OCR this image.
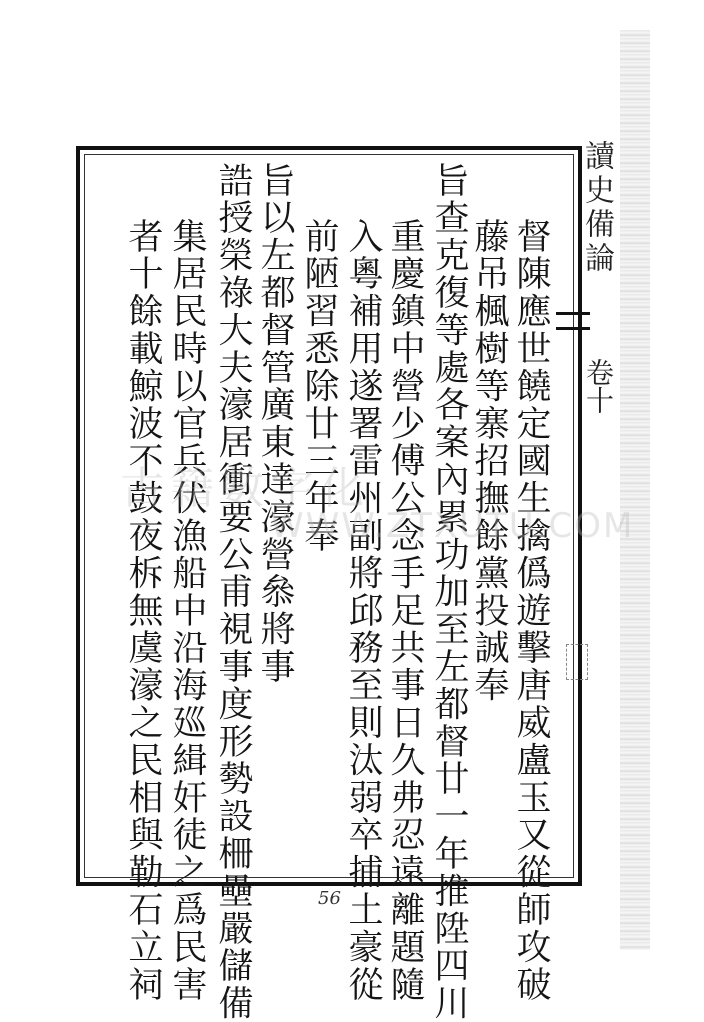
讀史備論
卷十
督陳應世饒定國生擒僞遊擊唐威盧玉又從師攻破
藤吊楓樹等寨招撫餘黨投誠奉
旨查克復等處各案內累功加至左都督廿一年推陞四川
重慶鎮中營少傅公念手足共事日久弗忍遠離題隨
入粵補用遂署雷州副將邱務至則汰弱卒捕土豪從
前陋習悉除廿三年奉
旨以左都督管廣東達濠營叅將事
誥授榮祿大夫濠居衝要公甫視事度形勢設柵壘嚴儲備
集居民時以官兵伏漁船中沿海廵緝奸徒之爲民害
者十餘載鯨波不鼓夜柝無虞濠之民相與勒石立祠
古籍數字化
WWW.ZTXUTU.COM
56
